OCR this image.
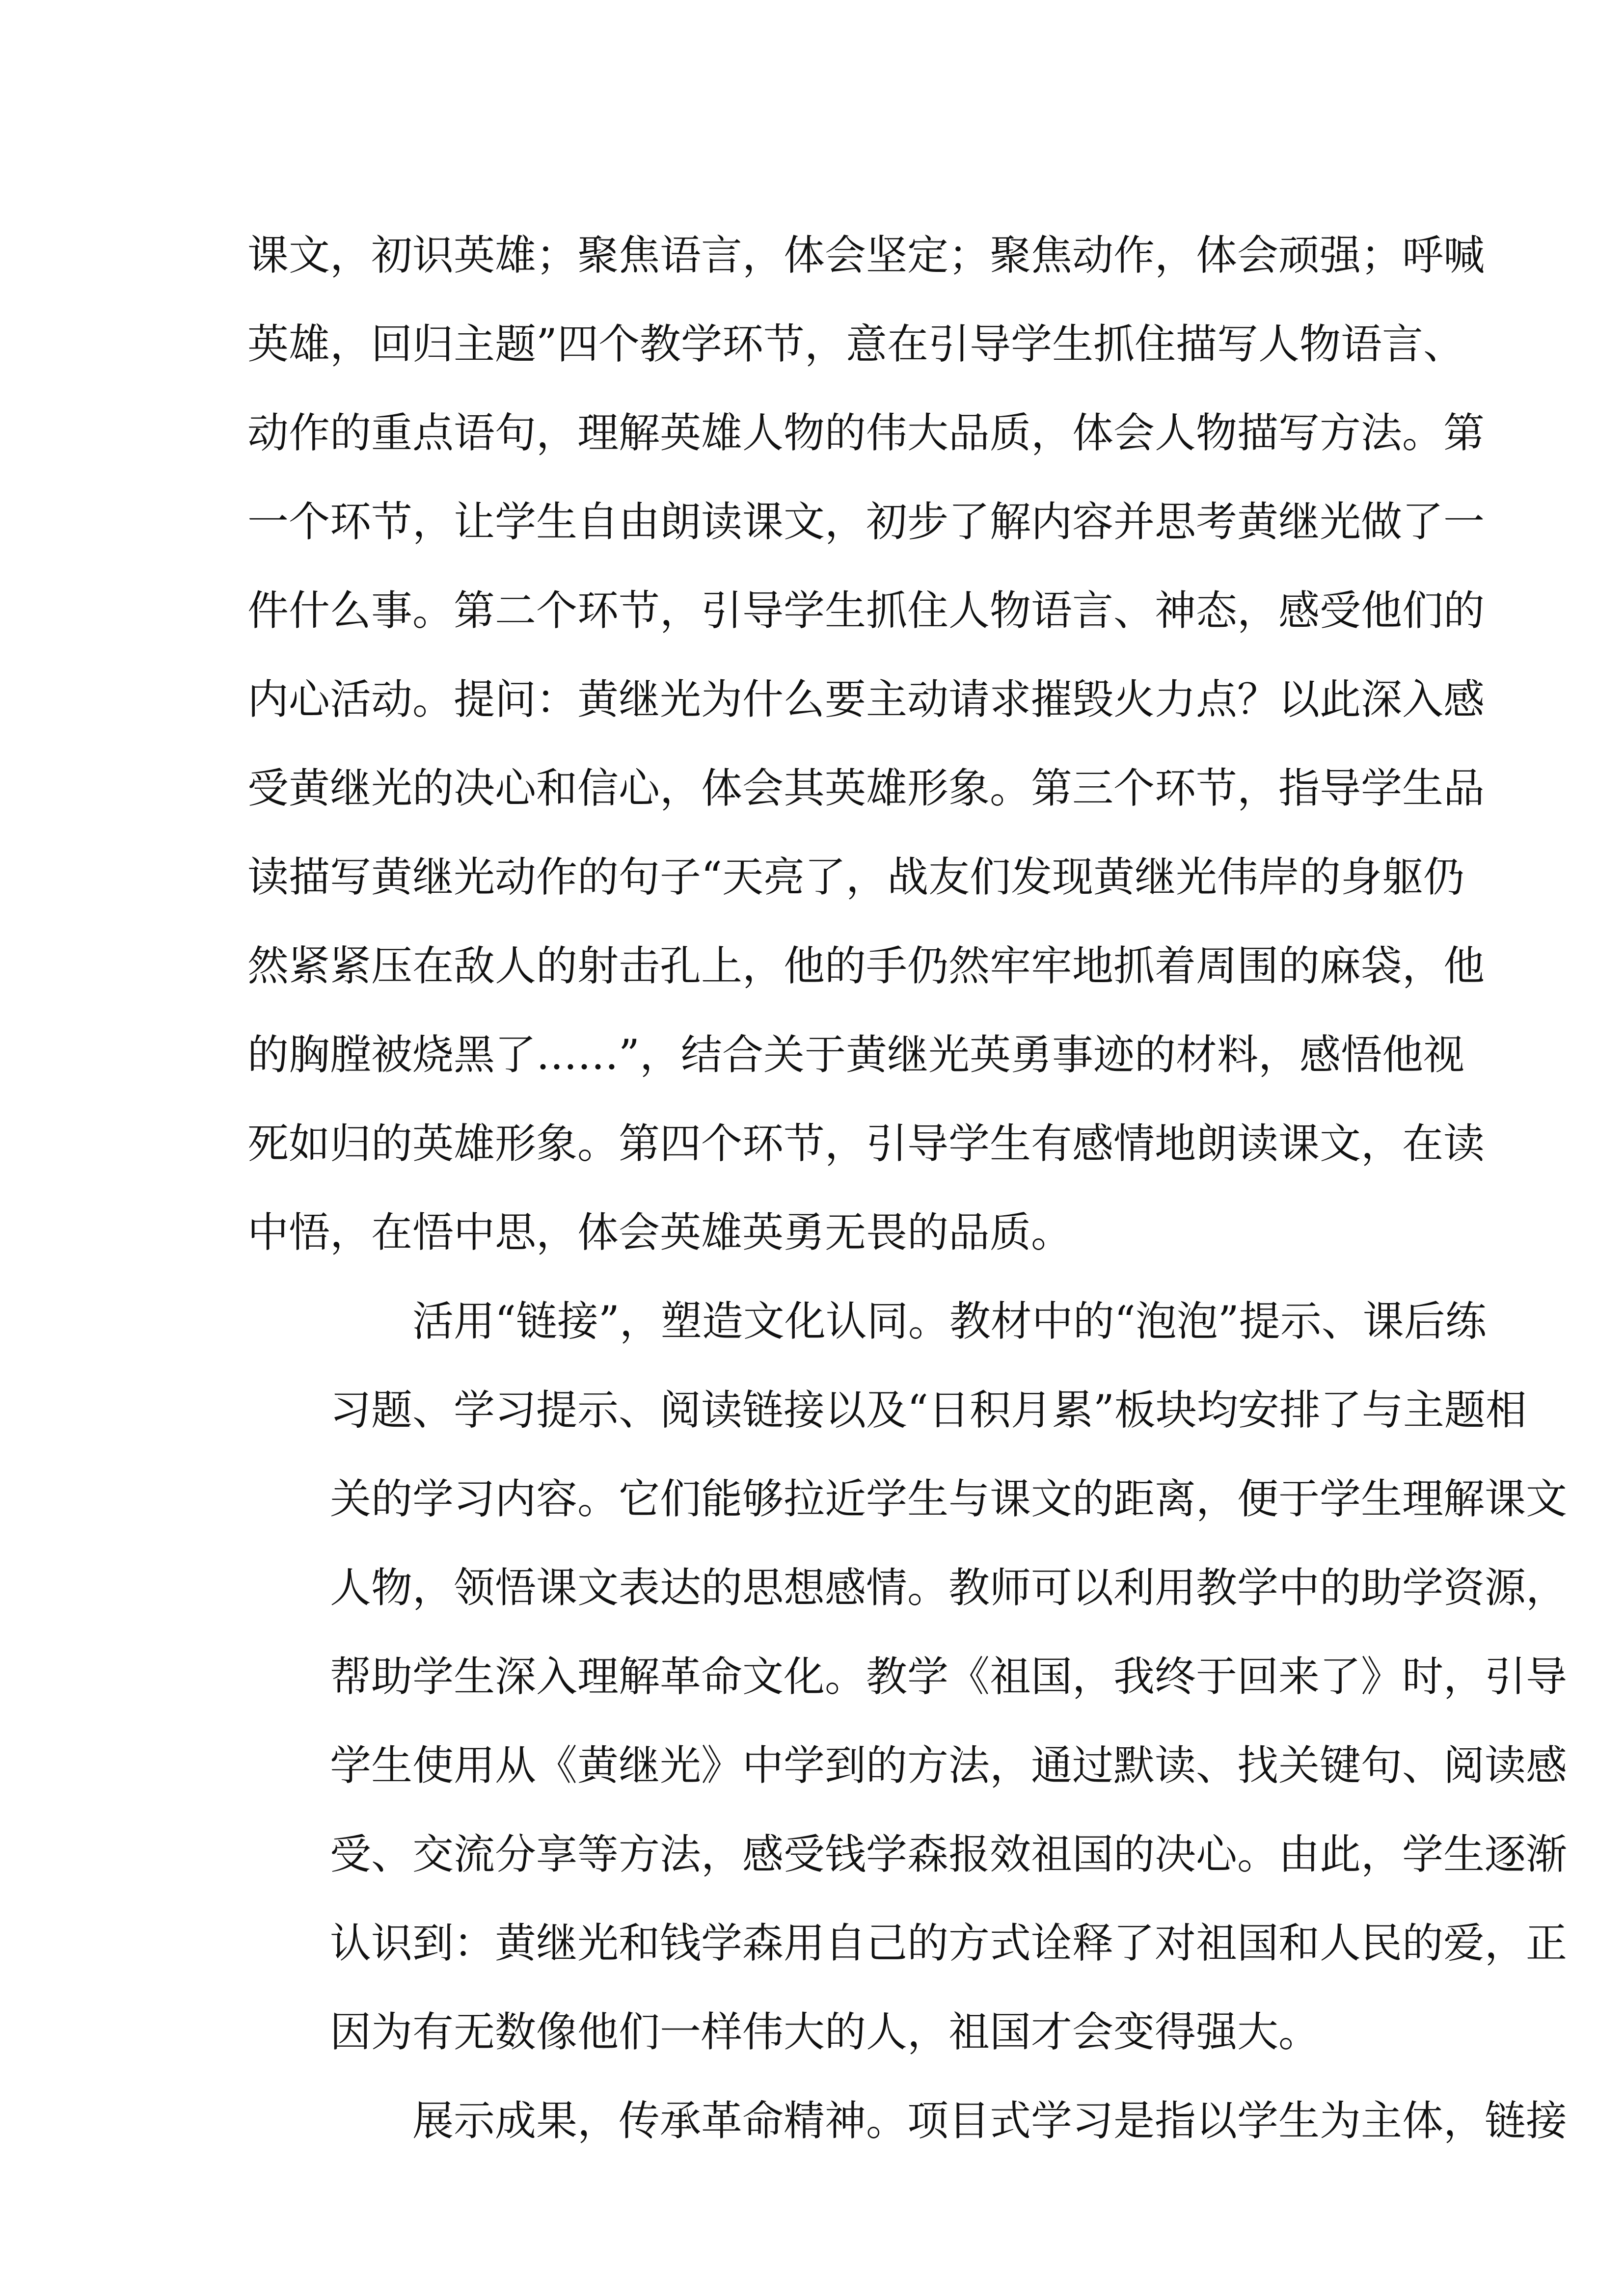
课文，初识英雄；聚焦语言，体会坚定；聚焦动作，体会顽强；呼喊
英雄，回归主题”四个教学环节，意在引导学生抓住描写人物语言、
动作的重点语句，理解英雄人物的伟大品质，体会人物描写方法。第
一个环节，让学生自由朗读课文，初步了解内容并思考黄继光做了一
件什么事。第二个环节，引导学生抓住人物语言、神态，感受他们的
内心活动。提问：黄继光为什么要主动请求摧毁火力点？以此深入感
受黄继光的决心和信心，体会其英雄形象。第三个环节，指导学生品
读描写黄继光动作的句子“天亮了，战友们发现黄继光伟岸的身躯仍
然紧紧压在敌人的射击孔上，他的手仍然牢牢地抓着周围的麻袋，他
的胸膛被烧黑了……”，结合关于黄继光英勇事迹的材料，感悟他视
死如归的英雄形象。第四个环节，引导学生有感情地朗读课文，在读
中悟，在悟中思，体会英雄英勇无畏的品质。

活用“链接”，塑造文化认同。教材中的“泡泡”提示、课后练
习题、学习提示、阅读链接以及“日积月累”板块均安排了与主题相
关的学习内容。它们能够拉近学生与课文的距离，便于学生理解课文
人物，领悟课文表达的思想感情。教师可以利用教学中的助学资源，
帮助学生深入理解革命文化。教学《祖国，我终于回来了》时，引导
学生使用从《黄继光》中学到的方法，通过默读、找关键句、阅读感
受、交流分享等方法，感受钱学森报效祖国的决心。由此，学生逐渐
认识到：黄继光和钱学森用自己的方式诠释了对祖国和人民的爱，正
因为有无数像他们一样伟大的人，祖国才会变得强大。

展示成果，传承革命精神。项目式学习是指以学生为主体，链接
